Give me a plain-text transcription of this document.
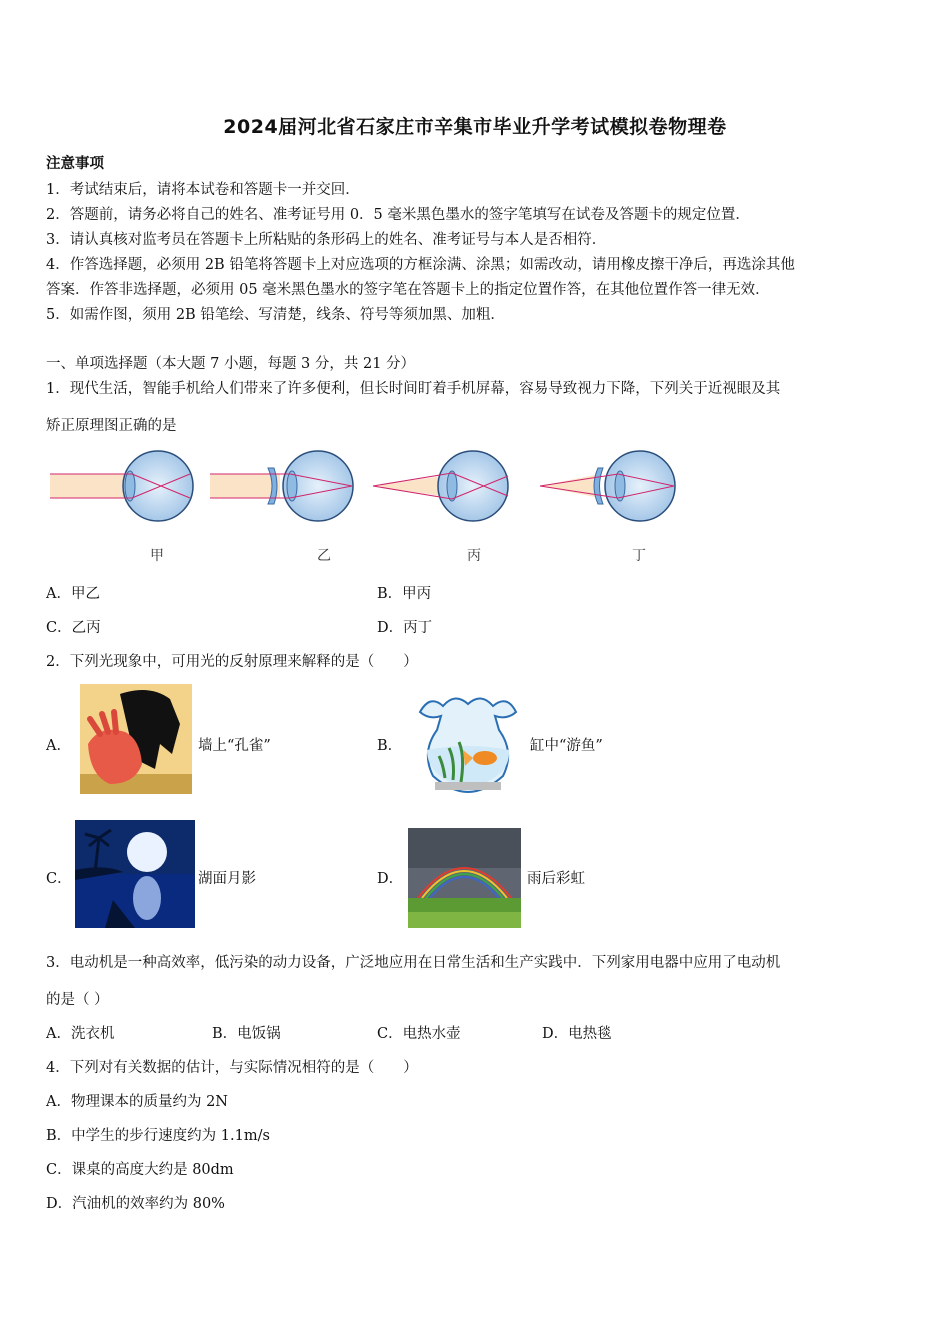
2024届河北省石家庄市辛集市毕业升学考试模拟卷物理卷
注意事项
1．考试结束后，请将本试卷和答题卡一并交回．
2．答题前，请务必将自己的姓名、准考证号用 0．5 毫米黑色墨水的签字笔填写在试卷及答题卡的规定位置．
3．请认真核对监考员在答题卡上所粘贴的条形码上的姓名、准考证号与本人是否相符．
4．作答选择题，必须用 2B 铅笔将答题卡上对应选项的方框涂满、涂黑；如需改动，请用橡皮擦干净后，再选涂其他
答案．作答非选择题，必须用 05 毫米黑色墨水的签字笔在答题卡上的指定位置作答，在其他位置作答一律无效．
5．如需作图，须用 2B 铅笔绘、写清楚，线条、符号等须加黑、加粗．
一、单项选择题（本大题 7 小题，每题 3 分，共 21 分）
1．现代生活，智能手机给人们带来了许多便利，但长时间盯着手机屏幕，容易导致视力下降，下列关于近视眼及其
矫正原理图正确的是
甲	乙	丙	丁
A．甲乙	B．甲丙
C．乙丙	D．丙丁
2．下列光现象中，可用光的反射原理来解释的是（　　）
A．	墙上“孔雀”	B．	缸中“游鱼”
C．	湖面月影	D．	雨后彩虹
3．电动机是一种高效率，低污染的动力设备，广泛地应用在日常生活和生产实践中．下列家用电器中应用了电动机
的是（ ）
A．洗衣机	B．电饭锅	C．电热水壶	D．电热毯
4．下列对有关数据的估计，与实际情况相符的是（　　）
A．物理课本的质量约为 2N
B．中学生的步行速度约为 1.1m/s
C．课桌的高度大约是 80dm
D．汽油机的效率约为 80%
